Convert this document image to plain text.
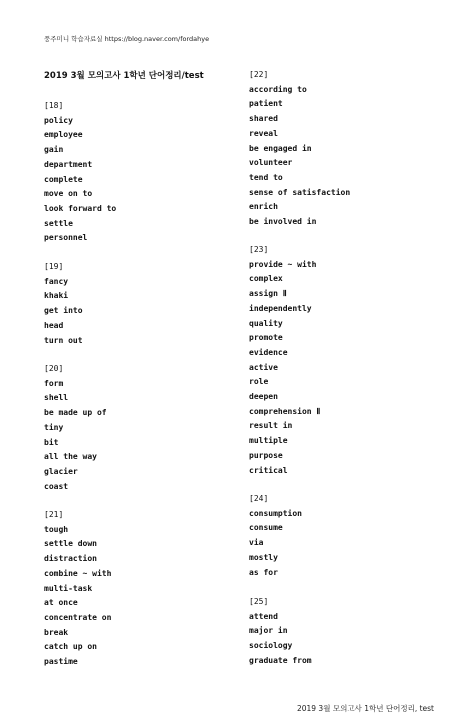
풍주미니 학습자료실 https://blog.naver.com/fordahye
2019 3월 모의고사 1학년 단어정리/test
[18]
policy
employee
gain
department
complete
move on to
look forward to
settle
personnel
[19]
fancy
khaki
get into
head
turn out
[20]
form
shell
be made up of
tiny
bit
all the way
glacier
coast
[21]
tough
settle down
distraction
combine ~ with
multi-task
at once
concentrate on
break
catch up on
pastime
[22]
according to
patient
shared
reveal
be engaged in
volunteer
tend to
sense of satisfaction
enrich
be involved in
[23]
provide ~ with
complex
assign Ⅱ
independently
quality
promote
evidence
active
role
deepen
comprehension Ⅱ
result in
multiple
purpose
critical
[24]
consumption
consume
via
mostly
as for
[25]
attend
major in
sociology
graduate from
2019 3월 모의고사 1학년 단어정리, test
